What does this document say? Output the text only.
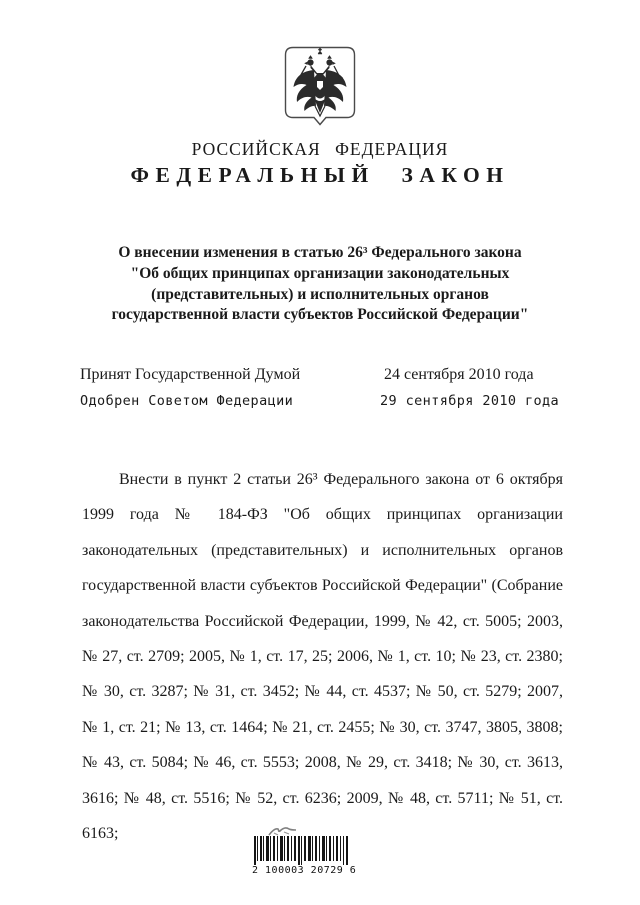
РОССИЙСКАЯ ФЕДЕРАЦИЯ
ФЕДЕРАЛЬНЫЙ ЗАКОН
О внесении изменения в статью 26³ Федерального закона
"Об общих принципах организации законодательных
(представительных) и исполнительных органов
государственной власти субъектов Российской Федерации"
Принят Государственной Думой	24 сентября 2010 года
Одобрен Советом Федерации	29 сентября 2010 года
Внести в пункт 2 статьи 26³ Федерального закона от 6 октября
1999 года № 184-ФЗ "Об общих принципах организации
законодательных (представительных) и исполнительных органов
государственной власти субъектов Российской Федерации" (Собрание
законодательства Российской Федерации, 1999, № 42, ст. 5005; 2003,
№ 27, ст. 2709; 2005, № 1, ст. 17, 25; 2006, № 1, ст. 10; № 23, ст. 2380;
№ 30, ст. 3287; № 31, ст. 3452; № 44, ст. 4537; № 50, ст. 5279; 2007,
№ 1, ст. 21; № 13, ст. 1464; № 21, ст. 2455; № 30, ст. 3747, 3805, 3808;
№ 43, ст. 5084; № 46, ст. 5553; 2008, № 29, ст. 3418; № 30, ст. 3613,
3616; № 48, ст. 5516; № 52, ст. 6236; 2009, № 48, ст. 5711; № 51, ст. 6163;
2 100003 20729 6
